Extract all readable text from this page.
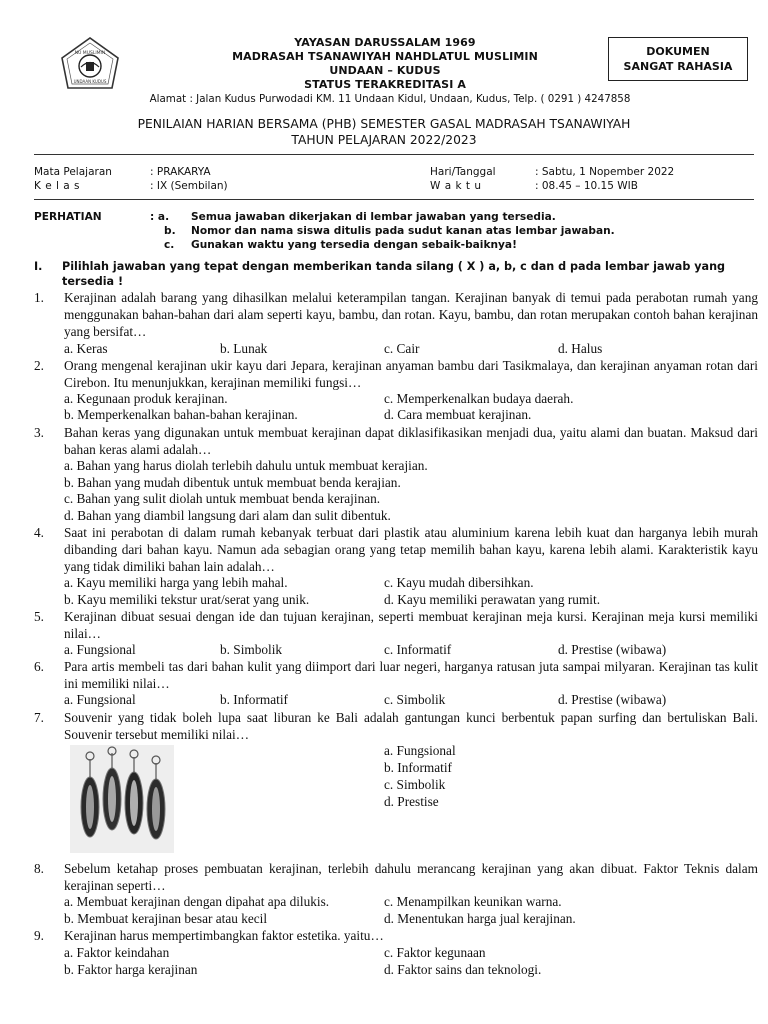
NU MUSLIMIN
UNDAAN KUDUS
YAYASAN DARUSSALAM 1969
MADRASAH TSANAWIYAH NAHDLATUL MUSLIMIN
UNDAAN – KUDUS
STATUS TERAKREDITASI A
Alamat : Jalan Kudus Purwodadi KM. 11 Undaan Kidul, Undaan, Kudus, Telp. ( 0291 ) 4247858
DOKUMEN
SANGAT RAHASIA
PENILAIAN HARIAN BERSAMA (PHB) SEMESTER GASAL MADRASAH TSANAWIYAH
TAHUN PELAJARAN 2022/2023
Mata Pelajaran	: PRAKARYA
K e l a s	: IX (Sembilan)
Hari/Tanggal	: Sabtu, 1 Nopember 2022
W a k t u	: 08.45 – 10.15 WIB
PERHATIAN	: a. Semua jawaban dikerjakan di lembar jawaban yang tersedia.
b. Nomor dan nama siswa ditulis pada sudut kanan atas lembar jawaban.
c. Gunakan waktu yang tersedia dengan sebaik-baiknya!
I. Pilihlah jawaban yang tepat dengan memberikan tanda silang ( X ) a, b, c dan d pada lembar jawab yang tersedia !
1.	Kerajinan adalah barang yang dihasilkan melalui keterampilan tangan. Kerajinan banyak di temui pada perabotan rumah yang menggunakan bahan-bahan dari alam seperti kayu, bambu, dan rotan. Kayu, bambu, dan rotan merupakan contoh bahan kerajinan yang bersifat…
a. Keras	b. Lunak	c. Cair	d. Halus
2.	Orang mengenal kerajinan ukir kayu dari Jepara, kerajinan anyaman bambu dari Tasikmalaya, dan kerajinan anyaman rotan dari Cirebon. Itu menunjukkan, kerajinan memiliki fungsi…
a. Kegunaan produk kerajinan.	c. Memperkenalkan budaya daerah.
b. Memperkenalkan bahan-bahan kerajinan.	d. Cara membuat kerajinan.
3.	Bahan keras yang digunakan untuk membuat kerajinan dapat diklasifikasikan menjadi dua, yaitu alami dan buatan. Maksud dari bahan keras alami adalah…
a. Bahan yang harus diolah terlebih dahulu untuk membuat kerajian.
b. Bahan yang mudah dibentuk untuk membuat benda kerajian.
c. Bahan yang sulit diolah untuk membuat benda kerajinan.
d. Bahan yang diambil langsung dari alam dan sulit dibentuk.
4.	Saat ini perabotan di dalam rumah kebanyak terbuat dari plastik atau aluminium karena lebih kuat dan harganya lebih murah dibanding dari bahan kayu. Namun ada sebagian orang yang tetap memilih bahan kayu, karena lebih alami. Karakteristik kayu yang tidak dimiliki bahan lain adalah…
a. Kayu memiliki harga yang lebih mahal.	c. Kayu mudah dibersihkan.
b. Kayu memiliki tekstur urat/serat yang unik.	d. Kayu memiliki perawatan yang rumit.
5.	Kerajinan dibuat sesuai dengan ide dan tujuan kerajinan, seperti membuat kerajinan meja kursi. Kerajinan meja kursi memiliki nilai…
a. Fungsional	b. Simbolik	c. Informatif	d. Prestise (wibawa)
6.	Para artis membeli tas dari bahan kulit yang diimport dari luar negeri, harganya ratusan juta sampai milyaran. Kerajinan tas kulit ini memiliki nilai…
a. Fungsional	b. Informatif	c. Simbolik	d. Prestise (wibawa)
7.	Souvenir yang tidak boleh lupa saat liburan ke Bali adalah gantungan kunci berbentuk papan surfing dan bertuliskan Bali. Souvenir tersebut memiliki nilai…
a. Fungsional
b. Informatif
c. Simbolik
d. Prestise
8.	Sebelum ketahap proses pembuatan kerajinan, terlebih dahulu merancang kerajinan yang akan dibuat. Faktor Teknis dalam kerajinan seperti…
a. Membuat kerajinan dengan dipahat apa dilukis.	c. Menampilkan keunikan warna.
b. Membuat kerajinan besar atau kecil	d. Menentukan harga jual kerajinan.
9.	Kerajinan harus mempertimbangkan faktor estetika. yaitu…
a. Faktor keindahan	c. Faktor kegunaan
b. Faktor harga kerajinan	d. Faktor sains dan teknologi.
